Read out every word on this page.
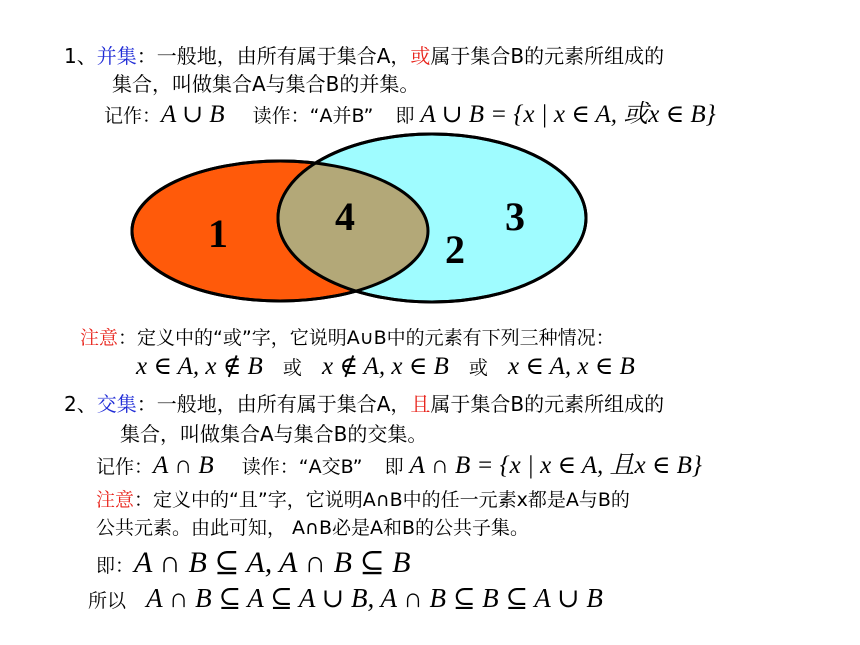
1、并集：一般地，由所有属于集合A，或属于集合B的元素所组成的
集合，叫做集合A与集合B的并集。
记作：A ∪ B 读作：“A并B” 即 A ∪ B = {x | x ∈ A, 或x ∈ B}
1	4
2
3
注意：定义中的“或”字，它说明A∪B中的元素有下列三种情况：
x ∈ A, x ∉ B 或 x ∉ A, x ∈ B 或 x ∈ A, x ∈ B
2、交集：一般地，由所有属于集合A，且属于集合B的元素所组成的
集合，叫做集合A与集合B的交集。
记作：A ∩ B 读作：“A交B” 即 A ∩ B = {x | x ∈ A, 且x ∈ B}
注意：定义中的“且”字，它说明A∩B中的任一元素x都是A与B的
公共元素。由此可知， A∩B必是A和B的公共子集。
即：A ∩ B ⊆ A, A ∩ B ⊆ B
所以 A ∩ B ⊆ A ⊆ A ∪ B, A ∩ B ⊆ B ⊆ A ∪ B
